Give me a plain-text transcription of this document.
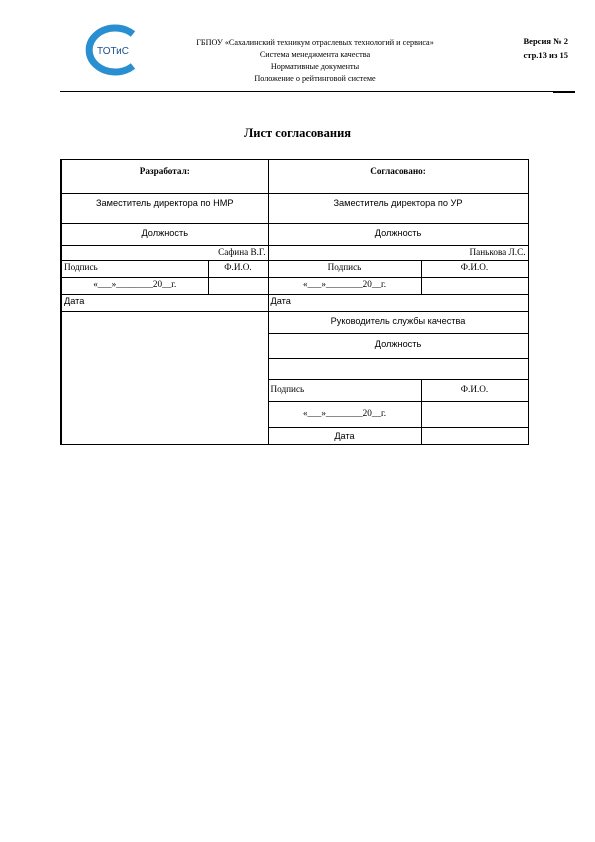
ТОТиС
ГБПОУ «Сахалинский техникум отраслевых технологий и сервиса»
Система менеджмента качества
Нормативные документы
Положение о рейтинговой системе
Версия № 2
стр.13 из 15
Лист согласования
Разработал:		Согласовано:	
Заместитель директора по НМР		Заместитель директора по УР	
Должность		Должность	
Сафина В.Г.		Панькова Л.С.	
Подпись	Ф.И.О.	Подпись	Ф.И.О.
«___»________20__г.		«___»________20__г.	
Дата		Дата	
		Руководитель службы качества	
		Должность	

		Подпись	Ф.И.О.
		«___»________20__г.	
		Дата	
